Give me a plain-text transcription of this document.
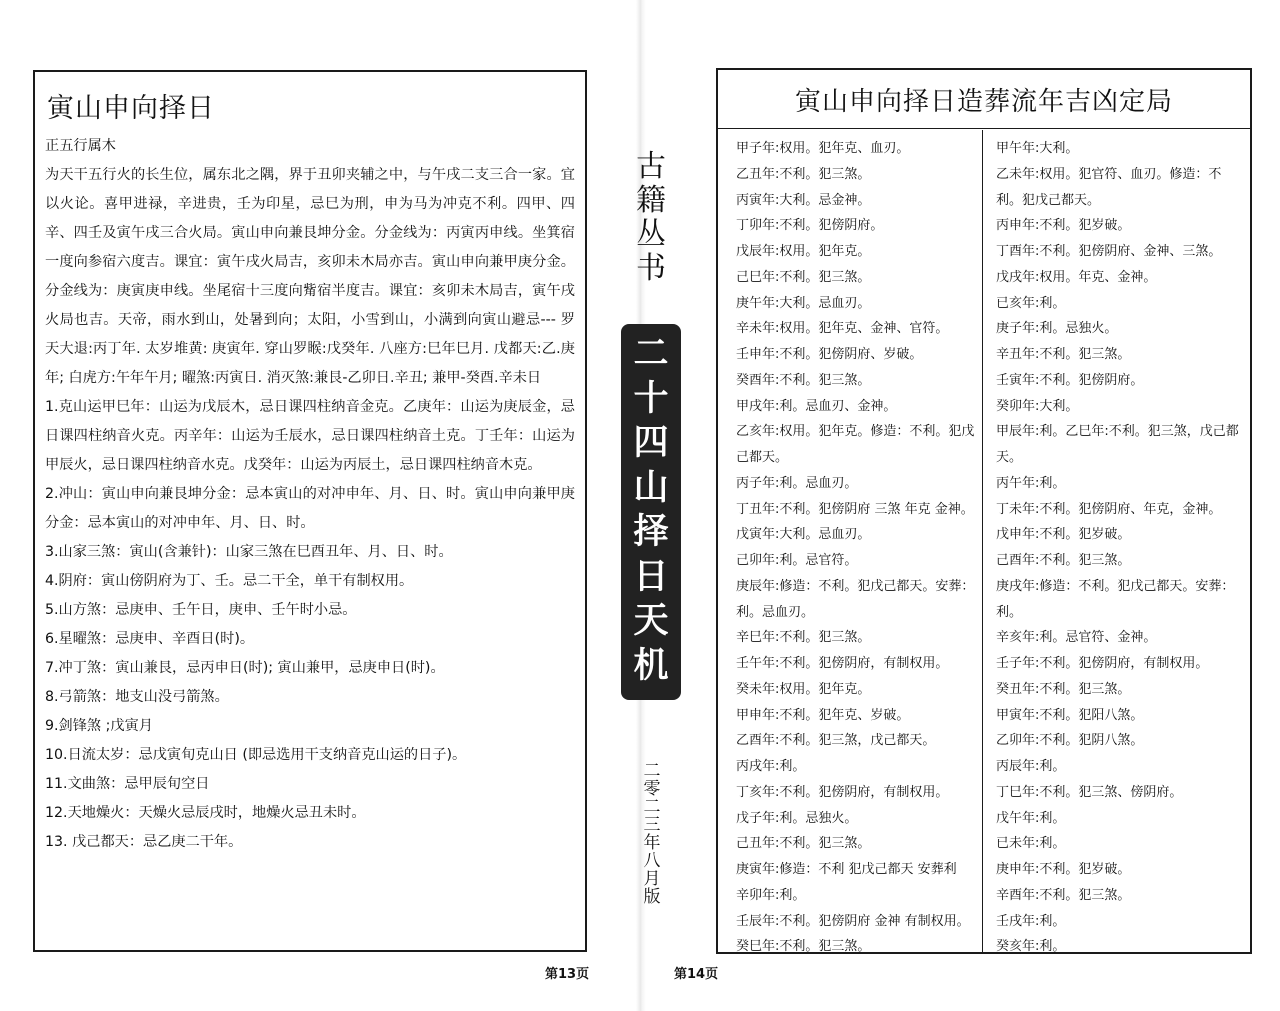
寅山申向择日

正五行属木

为天干五行火的长生位，属东北之隅，界于丑卯夹辅之中，与午戌二支三合一家。宜以火论。喜甲进禄，辛进贵，壬为印星，忌巳为刑，申为马为冲克不利。四甲、四辛、四壬及寅午戌三合火局。寅山申向兼艮坤分金。分金线为：丙寅丙申线。坐箕宿一度向参宿六度吉。课宜：寅午戌火局吉，亥卯未木局亦吉。寅山申向兼甲庚分金。分金线为：庚寅庚申线。坐尾宿十三度向觜宿半度吉。课宜：亥卯未木局吉，寅午戌火局也吉。天帝，雨水到山，处暑到向；太阳，小雪到山，小满到向寅山避忌--- 罗天大退:丙丁年. 太岁堆黄: 庚寅年. 穿山罗睺:戊癸年. 八座方:巳年巳月. 戊都天:乙.庚年; 白虎方:午年午月; 曜煞:丙寅日. 消灭煞:兼艮-乙卯日.辛丑; 兼甲-癸酉.辛未日

1.克山运甲巳年：山运为戊辰木，忌日课四柱纳音金克。乙庚年：山运为庚辰金，忌日课四柱纳音火克。丙辛年：山运为壬辰水，忌日课四柱纳音土克。丁壬年：山运为甲辰火，忌日课四柱纳音水克。戊癸年：山运为丙辰土，忌日课四柱纳音木克。

2.冲山：寅山申向兼艮坤分金：忌本寅山的对冲申年、月、日、时。寅山申向兼甲庚分金：忌本寅山的对冲申年、月、日、时。

3.山家三煞：寅山(含兼针)：山家三煞在巳酉丑年、月、日、时。

4.阴府：寅山傍阴府为丁、壬。忌二干全，单干有制权用。

5.山方煞：忌庚申、壬午日，庚申、壬午时小忌。

6.星曜煞：忌庚申、辛酉日(时)。

7.冲丁煞：寅山兼艮，忌丙申日(时); 寅山兼甲，忌庚申日(时)。

8.弓箭煞：地支山没弓箭煞。

9.剑锋煞 ;戊寅月

10.日流太岁：忌戊寅旬克山日 (即忌选用干支纳音克山运的日子)。

11.文曲煞：忌甲辰旬空日

12.天地燥火：天燥火忌辰戌时，地燥火忌丑未时。

13. 戊己都天：忌乙庚二干年。

第13页
古籍丛书
二十四山择日天机
二零二三年八月版
寅山申向择日造葬流年吉凶定局

甲子年:权用。犯年克、血刃。

乙丑年:不利。犯三煞。

丙寅年:大利。忌金神。

丁卯年:不利。犯傍阴府。

戊辰年:权用。犯年克。

己巳年:不利。犯三煞。

庚午年:大利。忌血刃。

辛未年:权用。犯年克、金神、官符。

壬申年:不利。犯傍阴府、岁破。

癸酉年:不利。犯三煞。

甲戌年:利。忌血刃、金神。

乙亥年:权用。犯年克。修造：不利。犯戊己都天。

丙子年:利。忌血刃。

丁丑年:不利。犯傍阴府 三煞 年克 金神。

戊寅年:大利。忌血刃。

己卯年:利。忌官符。

庚辰年:修造：不利。犯戊己都天。安葬：利。忌血刃。

辛巳年:不利。犯三煞。

壬午年:不利。犯傍阴府，有制权用。

癸未年:权用。犯年克。

甲申年:不利。犯年克、岁破。

乙酉年:不利。犯三煞，戊己都天。

丙戌年:利。

丁亥年:不利。犯傍阴府，有制权用。

戊子年:利。忌独火。

己丑年:不利。犯三煞。

庚寅年:修造：不利 犯戊己都天 安葬利

辛卯年:利。

壬辰年:不利。犯傍阴府 金神 有制权用。

癸巳年:不利。犯三煞。

甲午年:大利。

乙未年:权用。犯官符、血刃。修造：不利。犯戊己都天。

丙申年:不利。犯岁破。

丁酉年:不利。犯傍阴府、金神、三煞。

戊戌年:权用。年克、金神。

已亥年:利。

庚子年:利。忌独火。

辛丑年:不利。犯三煞。

壬寅年:不利。犯傍阴府。

癸卯年:大利。

甲辰年:利。乙巳年:不利。犯三煞，戊己都天。

丙午年:利。

丁未年:不利。犯傍阴府、年克，金神。

戊申年:不利。犯岁破。

己酉年:不利。犯三煞。

庚戌年:修造：不利。犯戊己都天。安葬：利。

辛亥年:利。忌官符、金神。

壬子年:不利。犯傍阴府，有制权用。

癸丑年:不利。犯三煞。

甲寅年:不利。犯阳八煞。

乙卯年:不利。犯阴八煞。

丙辰年:利。

丁巳年:不利。犯三煞、傍阴府。

戊午年:利。

已未年:利。

庚申年:不利。犯岁破。

辛酉年:不利。犯三煞。

壬戌年:利。

癸亥年:利。

第14页
